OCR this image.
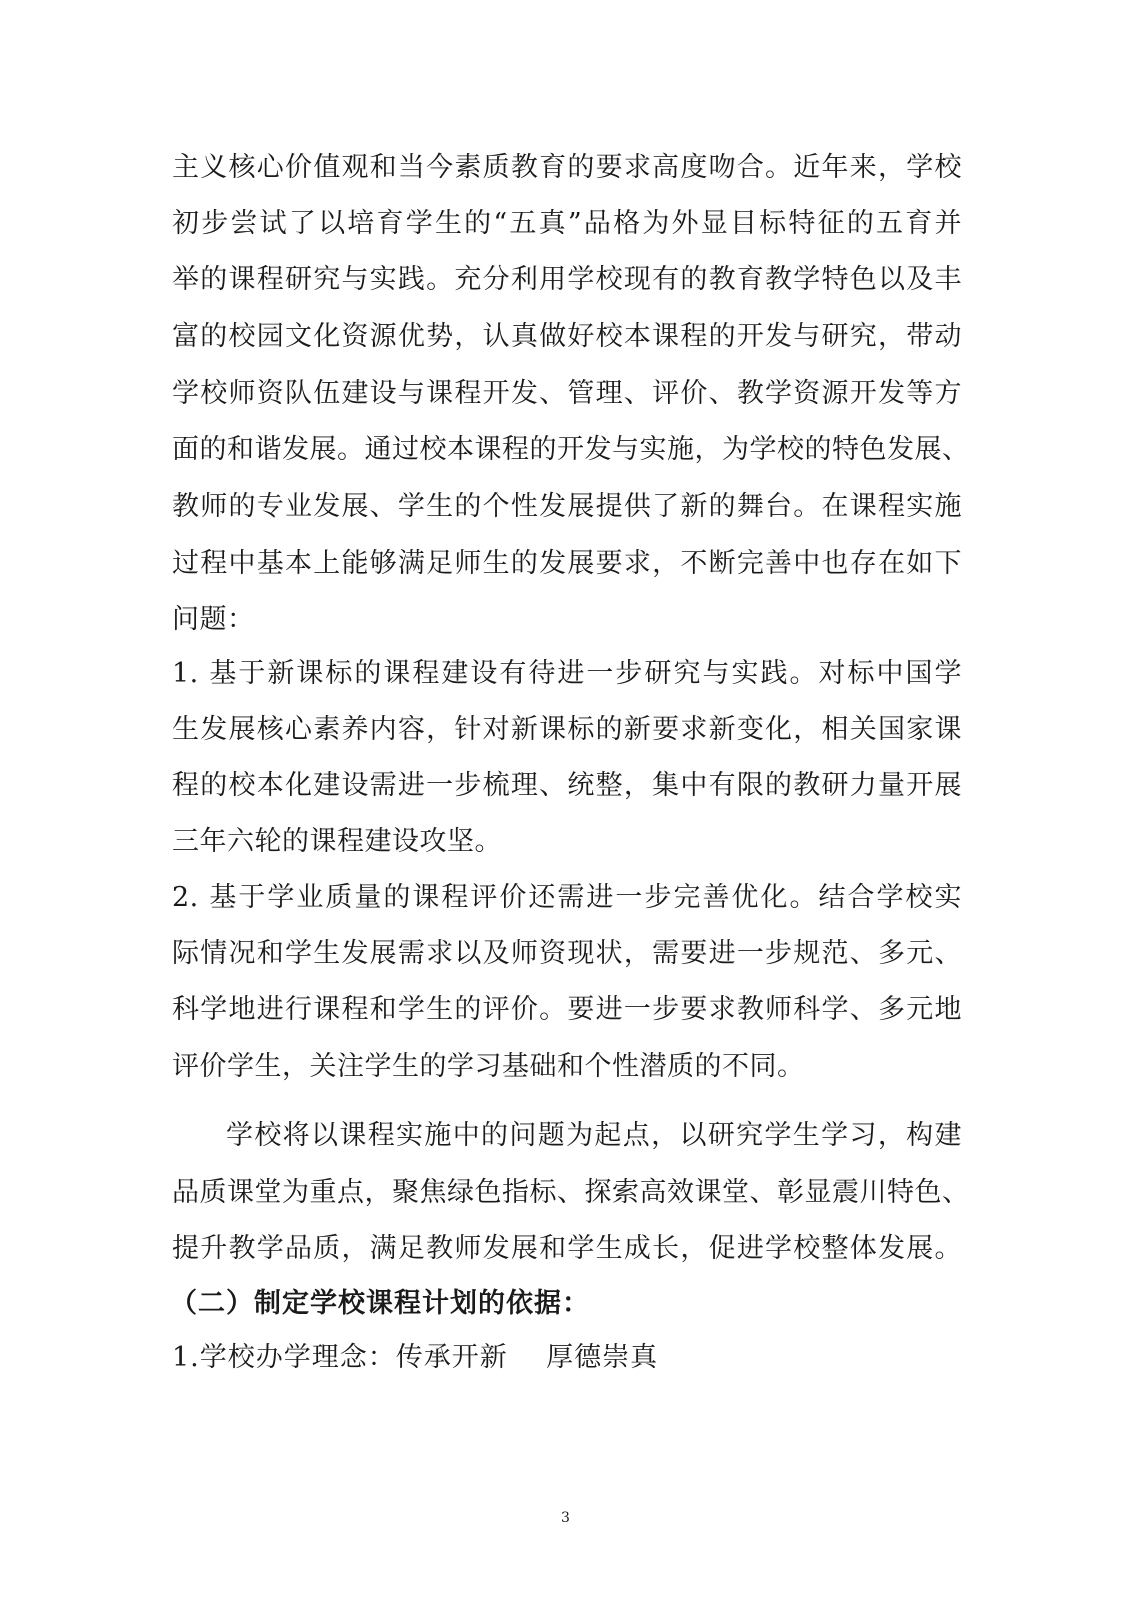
主义核心价值观和当今素质教育的要求高度吻合。近年来，学校
初步尝试了以培育学生的“五真”品格为外显目标特征的五育并
举的课程研究与实践。充分利用学校现有的教育教学特色以及丰
富的校园文化资源优势，认真做好校本课程的开发与研究，带动
学校师资队伍建设与课程开发、管理、评价、教学资源开发等方
面的和谐发展。通过校本课程的开发与实施，为学校的特色发展、
教师的专业发展、学生的个性发展提供了新的舞台。在课程实施
过程中基本上能够满足师生的发展要求，不断完善中也存在如下
问题：
1. 基于新课标的课程建设有待进一步研究与实践。对标中国学
生发展核心素养内容，针对新课标的新要求新变化，相关国家课
程的校本化建设需进一步梳理、统整，集中有限的教研力量开展
三年六轮的课程建设攻坚。
2. 基于学业质量的课程评价还需进一步完善优化。结合学校实
际情况和学生发展需求以及师资现状，需要进一步规范、多元、
科学地进行课程和学生的评价。要进一步要求教师科学、多元地
评价学生，关注学生的学习基础和个性潜质的不同。
学校将以课程实施中的问题为起点，以研究学生学习，构建
品质课堂为重点，聚焦绿色指标、探索高效课堂、彰显震川特色、
提升教学品质，满足教师发展和学生成长，促进学校整体发展。
（二）制定学校课程计划的依据：
1.学校办学理念：传承开新    厚德崇真
3
